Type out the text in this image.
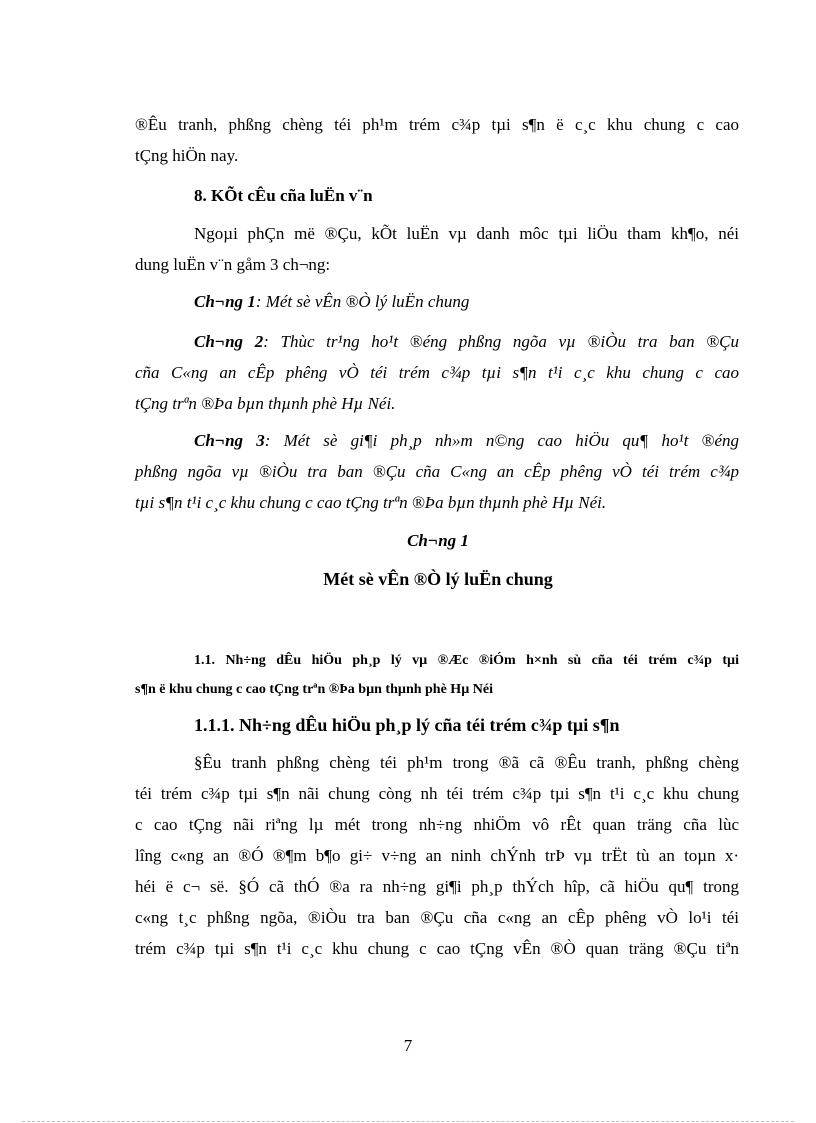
®Êu tranh, phßng chèng téi ph¹m trém c¾p tµi s¶n ë c¸c khu chung c cao
tÇng hiÖn nay.
8. KÕt cÊu cña luËn v¨n
Ngoµi phÇn më ®Çu, kÕt luËn vµ danh môc tµi liÖu tham kh¶o, néi
dung luËn v¨n gåm 3 ch¬ng:
Ch¬ng 1: Mét sè vÊn ®Ò lý luËn chung
Ch¬ng 2: Thùc tr¹ng ho¹t ®éng phßng ngõa vµ ®iÒu tra ban ®Çu
cña C«ng an cÊp phêng vÒ téi trém c¾p tµi s¶n t¹i c¸c khu chung c cao
tÇng trªn ®Þa bµn thµnh phè Hµ Néi.
Ch¬ng 3: Mét sè gi¶i ph¸p nh»m n©ng cao hiÖu qu¶ ho¹t ®éng
phßng ngõa vµ ®iÒu tra ban ®Çu cña C«ng an cÊp phêng vÒ téi trém c¾p
tµi s¶n t¹i c¸c khu chung c cao tÇng trªn ®Þa bµn thµnh phè Hµ Néi.
Ch¬ng 1
Mét sè vÊn ®Ò lý luËn chung
1.1. Nh÷ng dÊu hiÖu ph¸p lý vµ ®Æc ®iÓm h×nh sù cña téi trém c¾p tµi
s¶n ë khu chung c cao tÇng trªn ®Þa bµn thµnh phè Hµ Néi
1.1.1. Nh÷ng dÊu hiÖu ph¸p lý cña téi trém c¾p tµi s¶n
§Êu tranh phßng chèng téi ph¹m trong ®ã cã ®Êu tranh, phßng chèng
téi trém c¾p tµi s¶n nãi chung còng nh téi trém c¾p tµi s¶n t¹i c¸c khu chung
c cao tÇng nãi riªng lµ mét trong nh÷ng nhiÖm vô rÊt quan träng cña lùc
lîng c«ng an ®Ó ®¶m b¶o gi÷ v÷ng an ninh chÝnh trÞ vµ trËt tù an toµn x·
héi ë c¬ së. §Ó cã thÓ ®a ra nh÷ng gi¶i ph¸p thÝch hîp, cã hiÖu qu¶ trong
c«ng t¸c phßng ngõa, ®iÒu tra ban ®Çu cña c«ng an cÊp phêng vÒ lo¹i téi
trém c¾p tµi s¶n t¹i c¸c khu chung c cao tÇng vÊn ®Ò quan träng ®Çu tiªn
7
